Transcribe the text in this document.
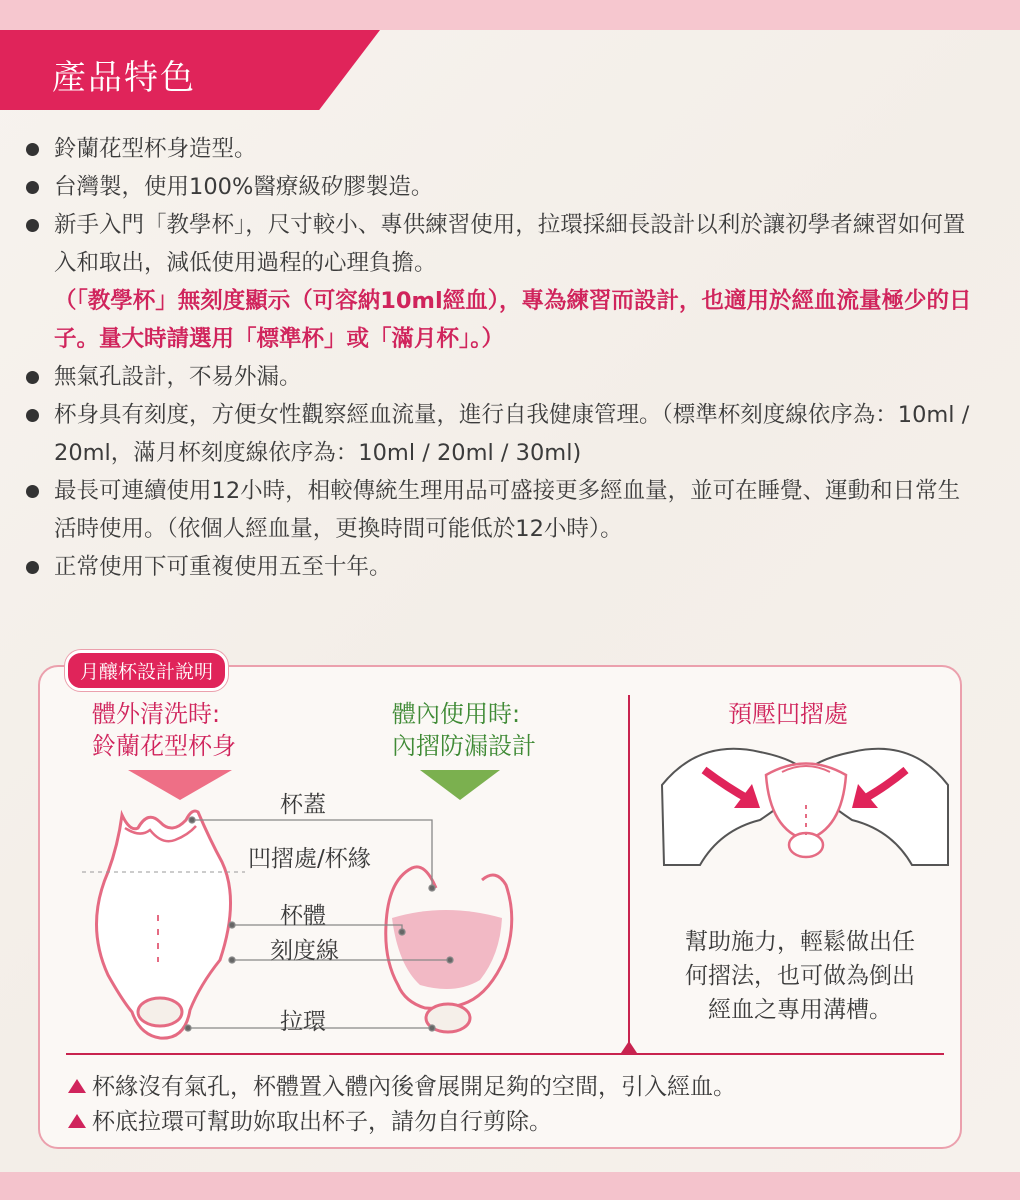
產品特色
鈴蘭花型杯身造型。
台灣製，使用100%醫療級矽膠製造。
新手入門「教學杯」，尺寸較小、專供練習使用，拉環採細長設計以利於讓初學者練習如何置入和取出，減低使用過程的心理負擔。
（「教學杯」無刻度顯示（可容納10ml經血），專為練習而設計，也適用於經血流量極少的日子。量大時請選用「標準杯」或「滿月杯」。）
無氣孔設計，不易外漏。
杯身具有刻度，方便女性觀察經血流量，進行自我健康管理。（標準杯刻度線依序為：10ml / 20ml，滿月杯刻度線依序為：10ml / 20ml / 30ml)
最長可連續使用12小時，相較傳統生理用品可盛接更多經血量，並可在睡覺、運動和日常生活時使用。（依個人經血量，更換時間可能低於12小時）。
正常使用下可重複使用五至十年。
月釀杯設計說明
體外清洗時:
鈴蘭花型杯身
體內使用時:
內摺防漏設計
杯蓋
凹摺處/杯緣
杯體
刻度線
拉環
預壓凹摺處
幫助施力，輕鬆做出任
何摺法，也可做為倒出
經血之專用溝槽。
杯緣沒有氣孔，杯體置入體內後會展開足夠的空間，引入經血。
杯底拉環可幫助妳取出杯子，請勿自行剪除。
